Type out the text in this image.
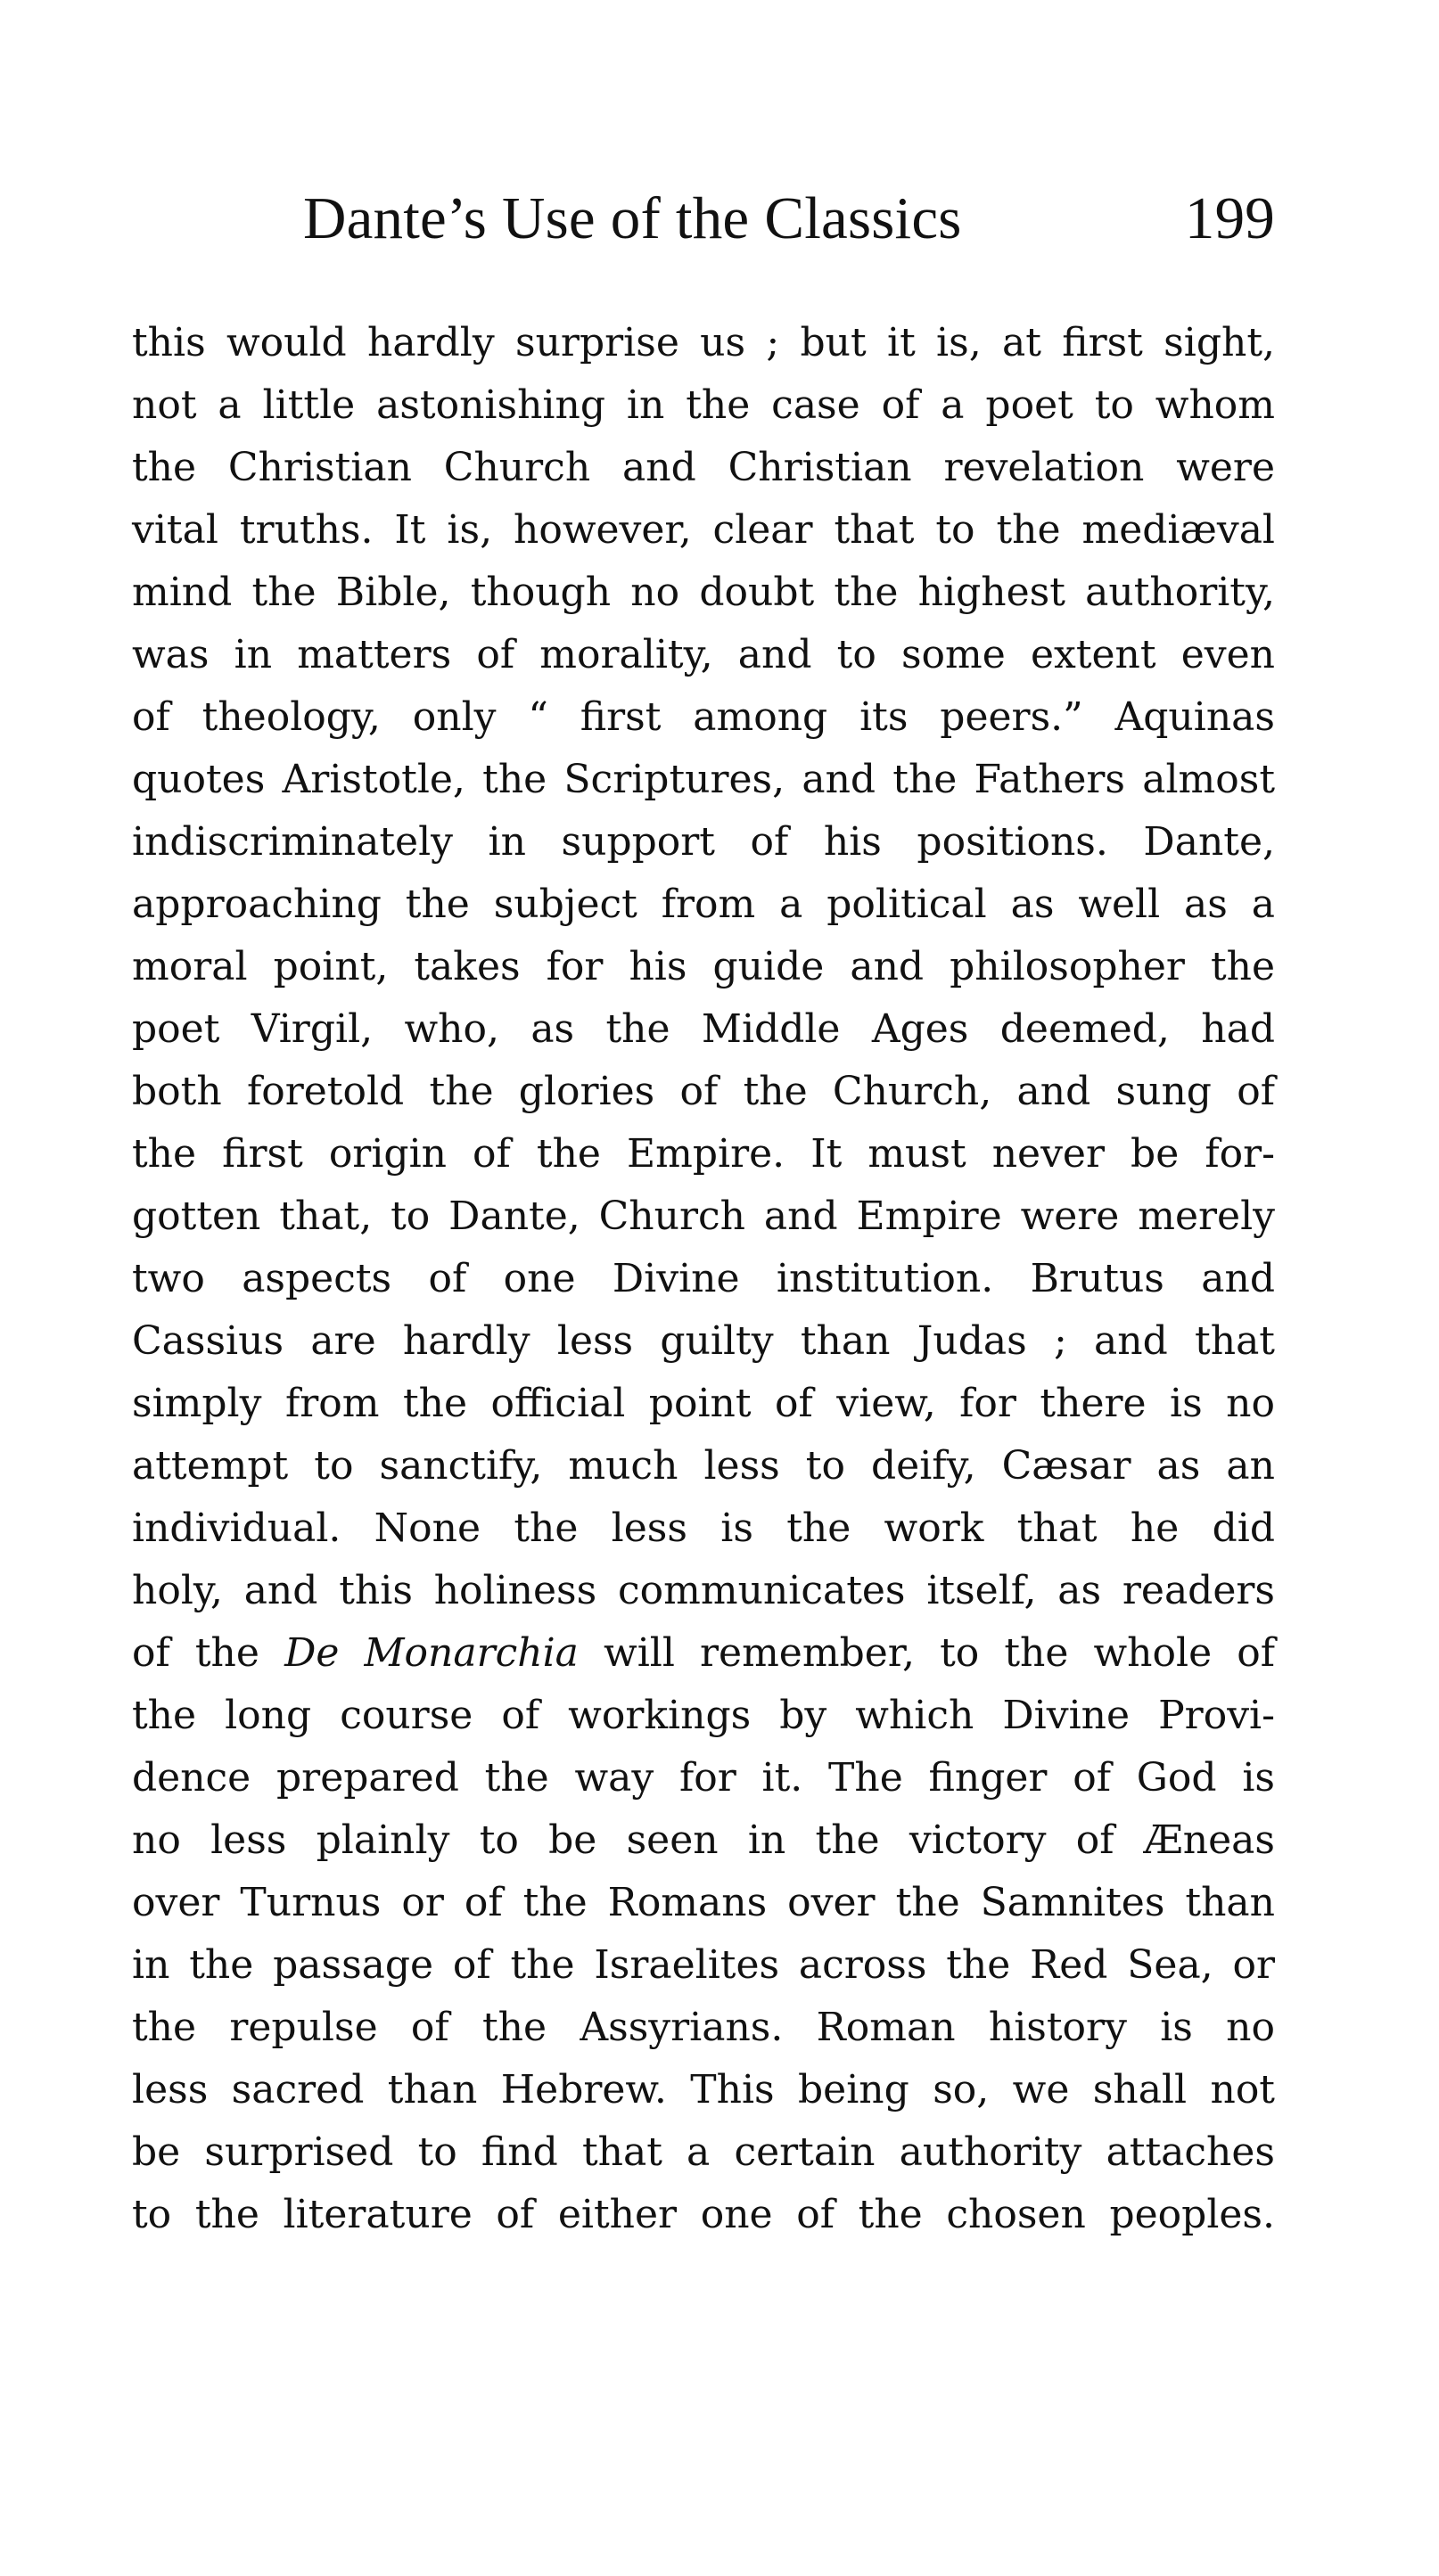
Dante’s Use of the Classics	199
this would hardly surprise us ; but it is, at first sight,
not a little astonishing in the case of a poet to whom
the Christian Church and Christian revelation were
vital truths. It is, however, clear that to the mediæval
mind the Bible, though no doubt the highest authority,
was in matters of morality, and to some extent even
of theology, only “ first among its peers.” Aquinas
quotes Aristotle, the Scriptures, and the Fathers almost
indiscriminately in support of his positions. Dante,
approaching the subject from a political as well as a
moral point, takes for his guide and philosopher the
poet Virgil, who, as the Middle Ages deemed, had
both foretold the glories of the Church, and sung of
the first origin of the Empire. It must never be for-
gotten that, to Dante, Church and Empire were merely
two aspects of one Divine institution. Brutus and
Cassius are hardly less guilty than Judas ; and that
simply from the official point of view, for there is no
attempt to sanctify, much less to deify, Cæsar as an
individual. None the less is the work that he did
holy, and this holiness communicates itself, as readers
of the De Monarchia will remember, to the whole of
the long course of workings by which Divine Provi-
dence prepared the way for it. The finger of God is
no less plainly to be seen in the victory of Æneas
over Turnus or of the Romans over the Samnites than
in the passage of the Israelites across the Red Sea, or
the repulse of the Assyrians. Roman history is no
less sacred than Hebrew. This being so, we shall not
be surprised to find that a certain authority attaches
to the literature of either one of the chosen peoples.
